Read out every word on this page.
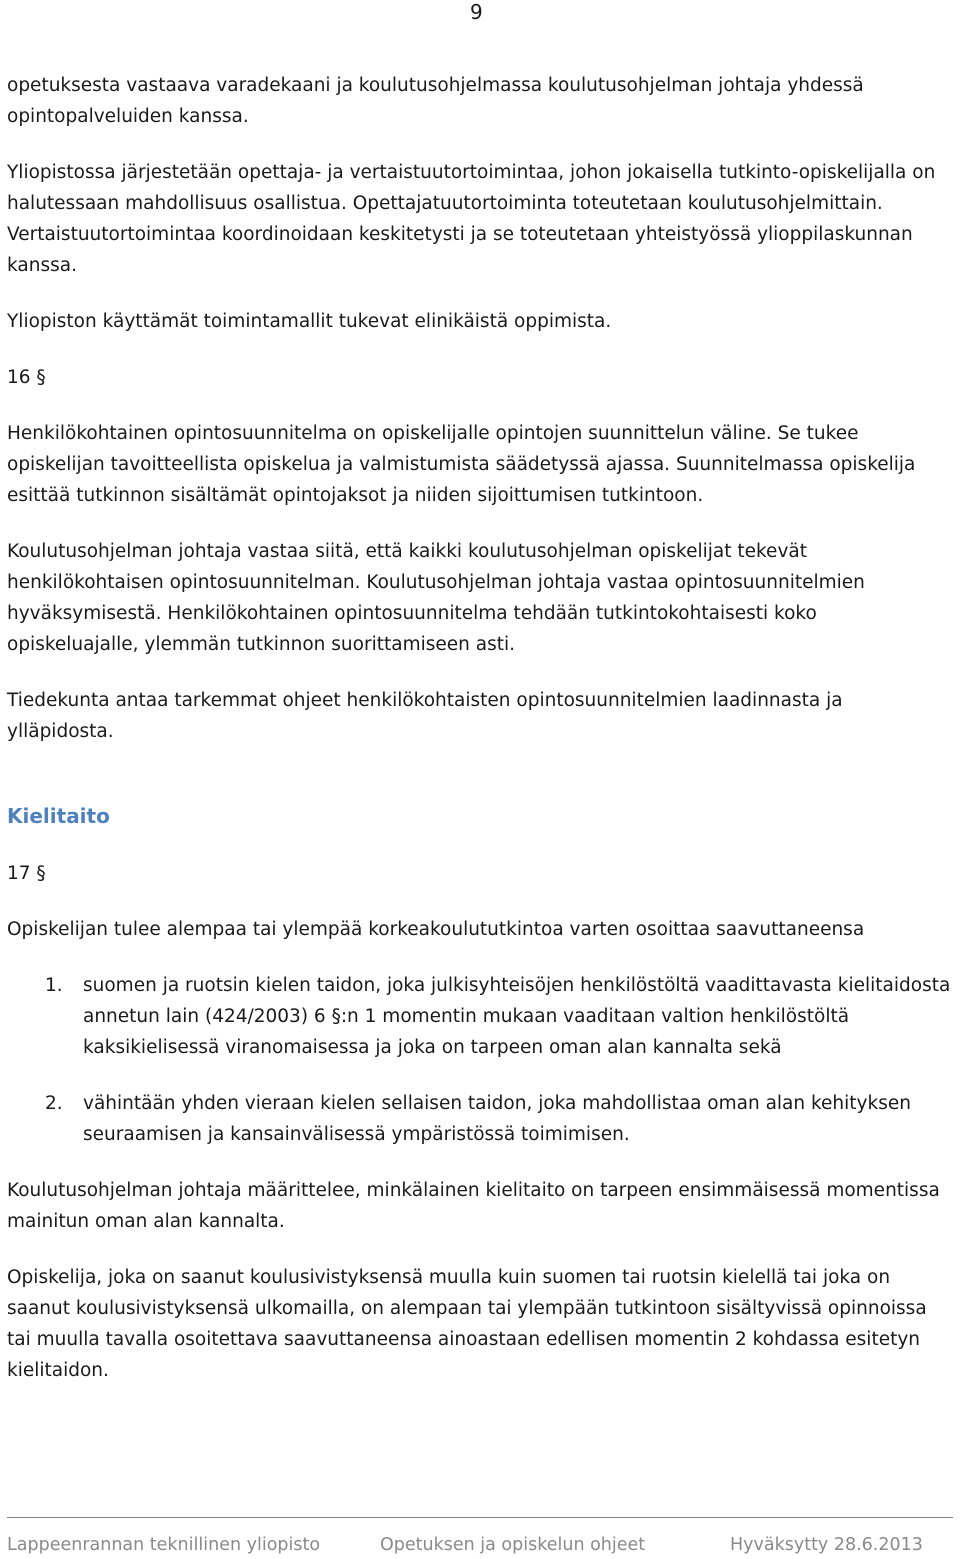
9

opetuksesta vastaava varadekaani ja koulutusohjelmassa koulutusohjelman johtaja yhdessä opintopalveluiden kanssa.

Yliopistossa järjestetään opettaja- ja vertaistuutortoimintaa, johon jokaisella tutkinto-opiskelijalla on halutessaan mahdollisuus osallistua. Opettajatuutortoiminta toteutetaan koulutusohjelmittain. Vertaistuutortoimintaa koordinoidaan keskitetysti ja se toteutetaan yhteistyössä ylioppilaskunnan kanssa.

Yliopiston käyttämät toimintamallit tukevat elinikäistä oppimista.

16 §

Henkilökohtainen opintosuunnitelma on opiskelijalle opintojen suunnittelun väline. Se tukee opiskelijan tavoitteellista opiskelua ja valmistumista säädetyssä ajassa. Suunnitelmassa opiskelija esittää tutkinnon sisältämät opintojaksot ja niiden sijoittumisen tutkintoon.

Koulutusohjelman johtaja vastaa siitä, että kaikki koulutusohjelman opiskelijat tekevät henkilökohtaisen opintosuunnitelman. Koulutusohjelman johtaja vastaa opintosuunnitelmien hyväksymisestä. Henkilökohtainen opintosuunnitelma tehdään tutkintokohtaisesti koko opiskeluajalle, ylemmän tutkinnon suorittamiseen asti.

Tiedekunta antaa tarkemmat ohjeet henkilökohtaisten opintosuunnitelmien laadinnasta ja ylläpidosta.

Kielitaito

17 §

Opiskelijan tulee alempaa tai ylempää korkeakoulututkintoa varten osoittaa saavuttaneensa

1.	suomen ja ruotsin kielen taidon, joka julkisyhteisöjen henkilöstöltä vaadittavasta kielitaidosta annetun lain (424/2003) 6 §:n 1 momentin mukaan vaaditaan valtion henkilöstöltä kaksikielisessä viranomaisessa ja joka on tarpeen oman alan kannalta sekä
2.	vähintään yhden vieraan kielen sellaisen taidon, joka mahdollistaa oman alan kehityksen seuraamisen ja kansainvälisessä ympäristössä toimimisen.

Koulutusohjelman johtaja määrittelee, minkälainen kielitaito on tarpeen ensimmäisessä momentissa mainitun oman alan kannalta.

Opiskelija, joka on saanut koulusivistyksensä muulla kuin suomen tai ruotsin kielellä tai joka on saanut koulusivistyksensä ulkomailla, on alempaan tai ylempään tutkintoon sisältyvissä opinnoissa tai muulla tavalla osoitettava saavuttaneensa ainoastaan edellisen momentin 2 kohdassa esitetyn kielitaidon.

Lappeenrannan teknillinen yliopisto	Opetuksen ja opiskelun ohjeet	Hyväksytty 28.6.2013
